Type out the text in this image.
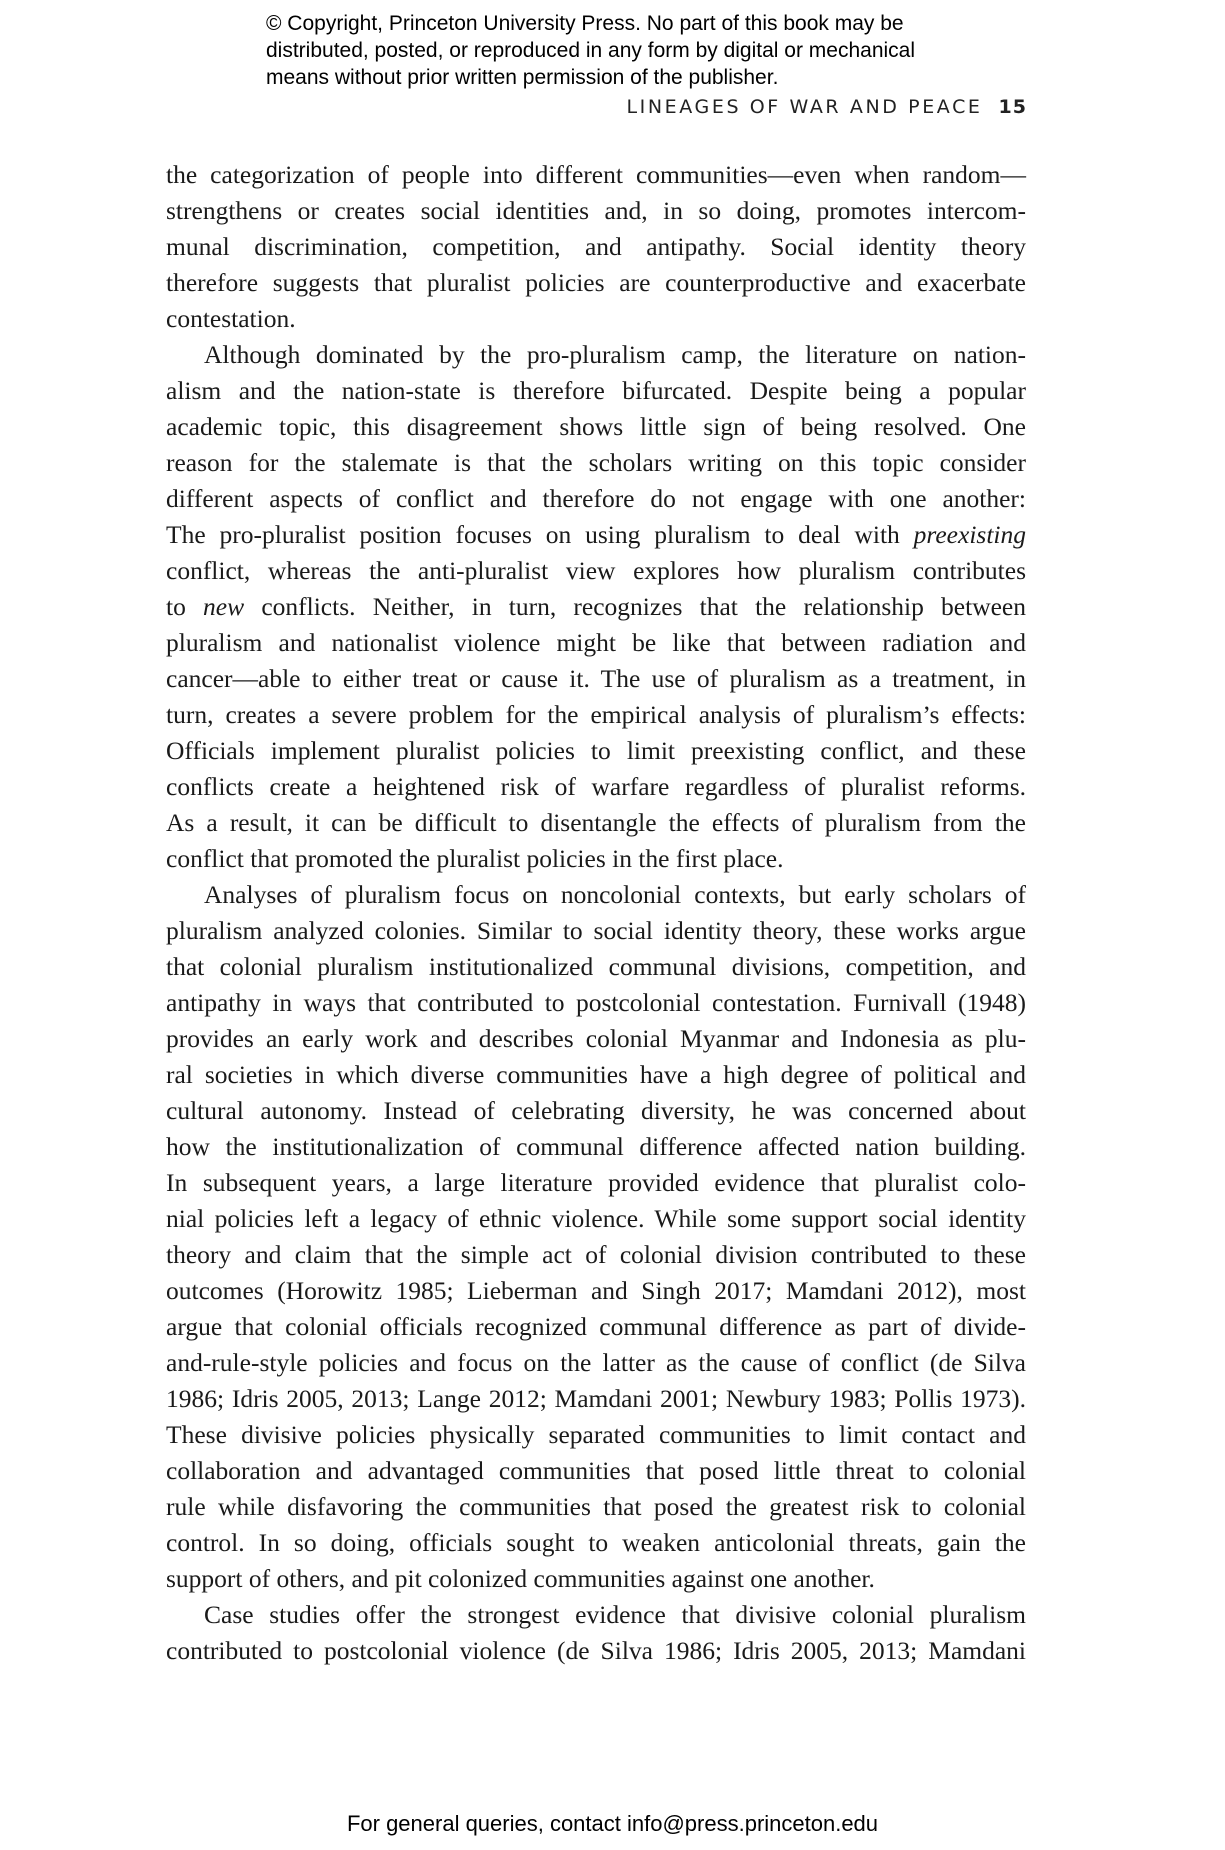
© Copyright, Princeton University Press. No part of this book may be
distributed, posted, or reproduced in any form by digital or mechanical
means without prior written permission of the publisher.
LINEAGES OF WAR AND PEACE 15
the categorization of people into different communities—even when random—
strengthens or creates social identities and, in so doing, promotes intercom-
munal discrimination, competition, and antipathy. Social identity theory
therefore suggests that pluralist policies are counterproductive and exacerbate
contestation.
Although dominated by the pro-pluralism camp, the literature on nation-
alism and the nation-state is therefore bifurcated. Despite being a popular
academic topic, this disagreement shows little sign of being resolved. One
reason for the stalemate is that the scholars writing on this topic consider
different aspects of conflict and therefore do not engage with one another:
The pro-pluralist position focuses on using pluralism to deal with preexisting
conflict, whereas the anti-pluralist view explores how pluralism contributes
to new conflicts. Neither, in turn, recognizes that the relationship between
pluralism and nationalist violence might be like that between radiation and
cancer—able to either treat or cause it. The use of pluralism as a treatment, in
turn, creates a severe problem for the empirical analysis of pluralism’s effects:
Officials implement pluralist policies to limit preexisting conflict, and these
conflicts create a heightened risk of warfare regardless of pluralist reforms.
As a result, it can be difficult to disentangle the effects of pluralism from the
conflict that promoted the pluralist policies in the first place.
Analyses of pluralism focus on noncolonial contexts, but early scholars of
pluralism analyzed colonies. Similar to social identity theory, these works argue
that colonial pluralism institutionalized communal divisions, competition, and
antipathy in ways that contributed to postcolonial contestation. Furnivall (1948)
provides an early work and describes colonial Myanmar and Indonesia as plu-
ral societies in which diverse communities have a high degree of political and
cultural autonomy. Instead of celebrating diversity, he was concerned about
how the institutionalization of communal difference affected nation building.
In subsequent years, a large literature provided evidence that pluralist colo-
nial policies left a legacy of ethnic violence. While some support social identity
theory and claim that the simple act of colonial division contributed to these
outcomes (Horowitz 1985; Lieberman and Singh 2017; Mamdani 2012), most
argue that colonial officials recognized communal difference as part of divide-
and-rule-style policies and focus on the latter as the cause of conflict (de Silva
1986; Idris 2005, 2013; Lange 2012; Mamdani 2001; Newbury 1983; Pollis 1973).
These divisive policies physically separated communities to limit contact and
collaboration and advantaged communities that posed little threat to colonial
rule while disfavoring the communities that posed the greatest risk to colonial
control. In so doing, officials sought to weaken anticolonial threats, gain the
support of others, and pit colonized communities against one another.
Case studies offer the strongest evidence that divisive colonial pluralism
contributed to postcolonial violence (de Silva 1986; Idris 2005, 2013; Mamdani
For general queries, contact info@press.princeton.edu
